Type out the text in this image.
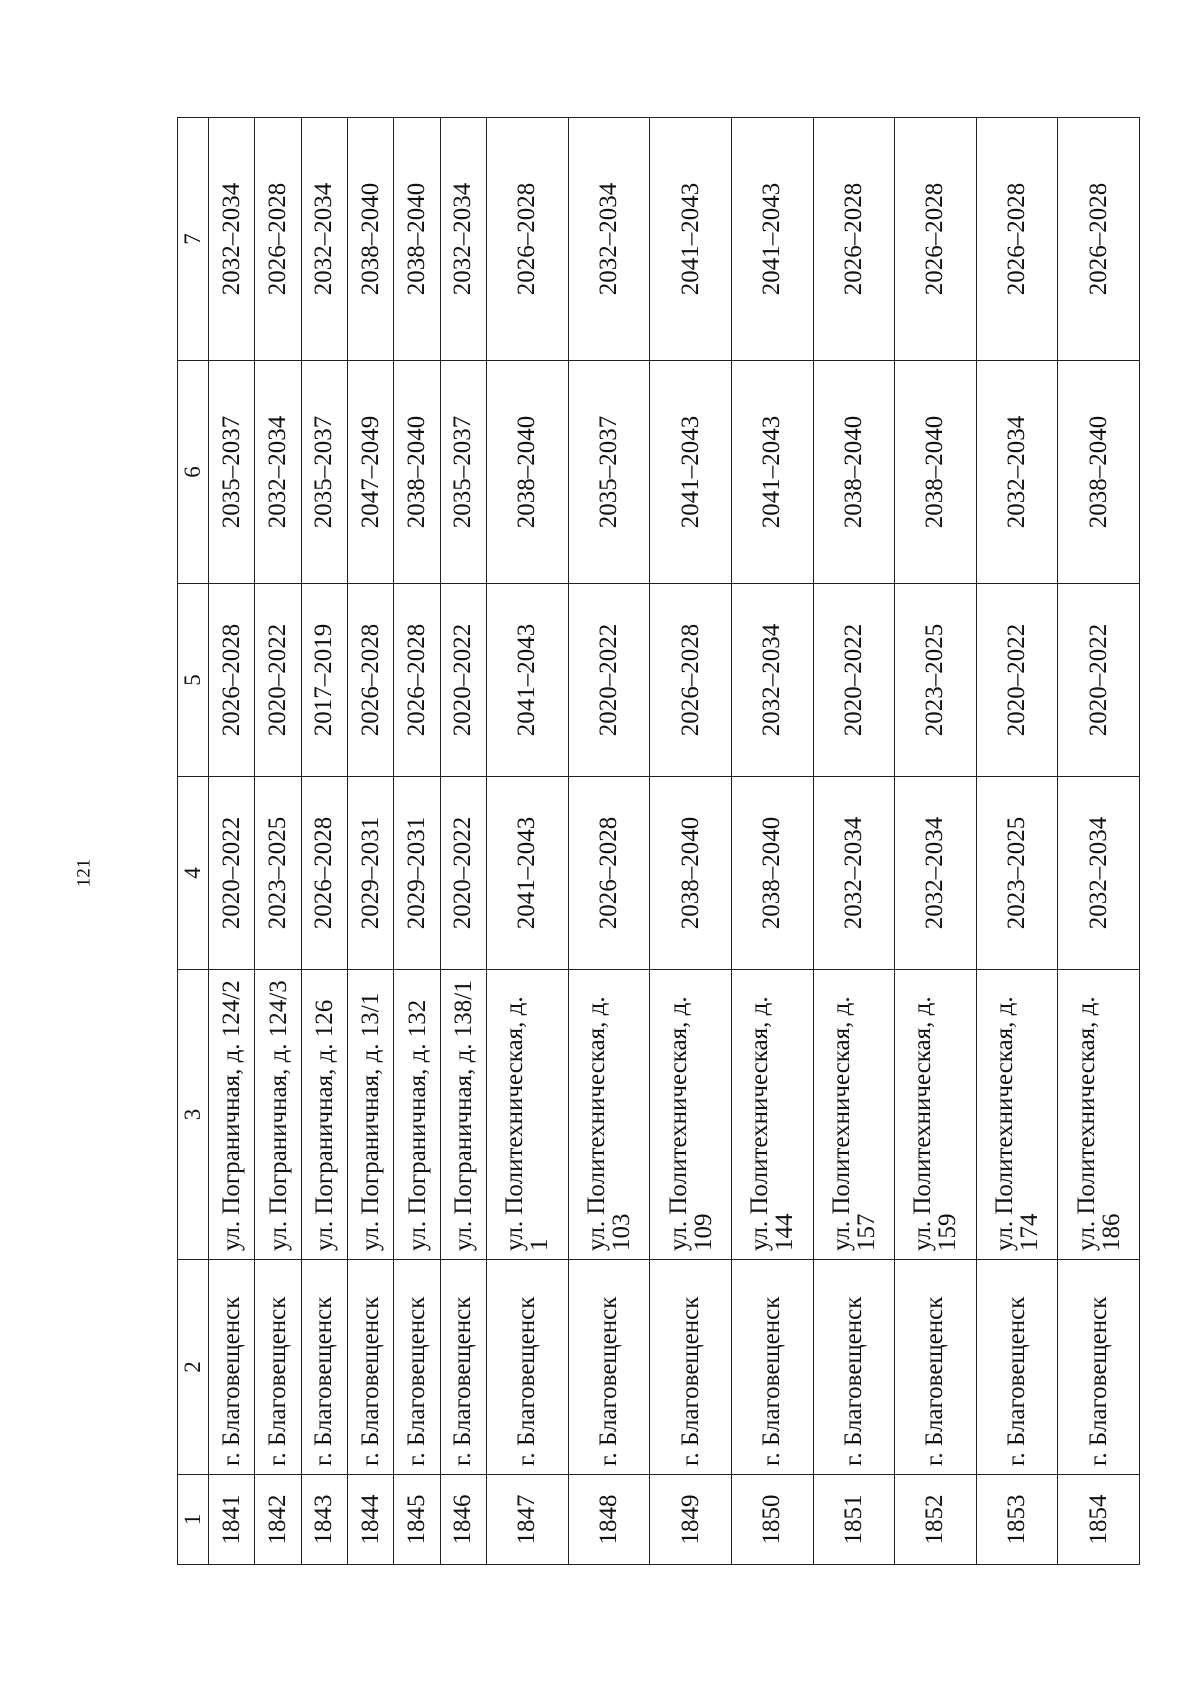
121
1	2	3	4	5	6	7
1841	г. Благовещенск	ул. Пограничная, д. 124/2	2020–2022	2026–2028	2035–2037	2032–2034
1842	г. Благовещенск	ул. Пограничная, д. 124/3	2023–2025	2020–2022	2032–2034	2026–2028
1843	г. Благовещенск	ул. Пограничная, д. 126	2026–2028	2017–2019	2035–2037	2032–2034
1844	г. Благовещенск	ул. Пограничная, д. 13/1	2029–2031	2026–2028	2047–2049	2038–2040
1845	г. Благовещенск	ул. Пограничная, д. 132	2029–2031	2026–2028	2038–2040	2038–2040
1846	г. Благовещенск	ул. Пограничная, д. 138/1	2020–2022	2020–2022	2035–2037	2032–2034
1847	г. Благовещенск	ул. Политехническая, д. 1	2041–2043	2041–2043	2038–2040	2026–2028
1848	г. Благовещенск	ул. Политехническая, д. 103	2026–2028	2020–2022	2035–2037	2032–2034
1849	г. Благовещенск	ул. Политехническая, д. 109	2038–2040	2026–2028	2041–2043	2041–2043
1850	г. Благовещенск	ул. Политехническая, д. 144	2038–2040	2032–2034	2041–2043	2041–2043
1851	г. Благовещенск	ул. Политехническая, д. 157	2032–2034	2020–2022	2038–2040	2026–2028
1852	г. Благовещенск	ул. Политехническая, д. 159	2032–2034	2023–2025	2038–2040	2026–2028
1853	г. Благовещенск	ул. Политехническая, д. 174	2023–2025	2020–2022	2032–2034	2026–2028
1854	г. Благовещенск	ул. Политехническая, д. 186	2032–2034	2020–2022	2038–2040	2026–2028
